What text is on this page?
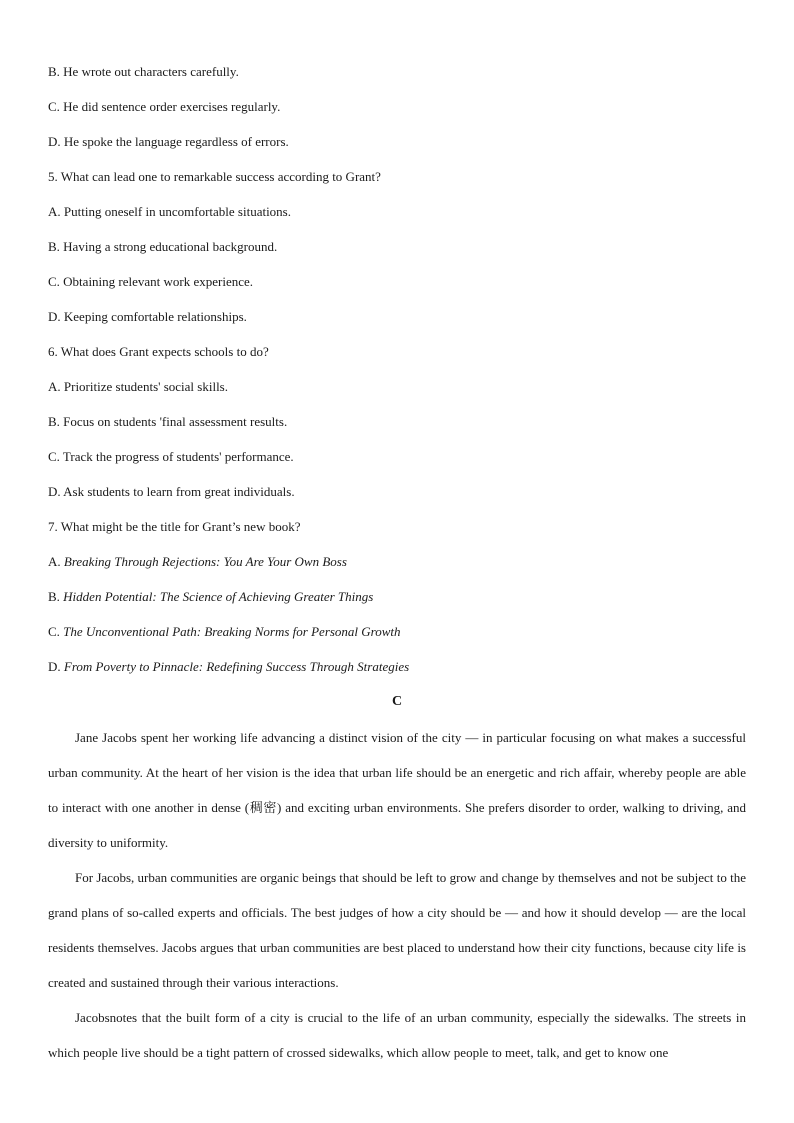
B. He wrote out characters carefully.
C. He did sentence order exercises regularly.
D. He spoke the language regardless of errors.
5. What can lead one to remarkable success according to Grant?
A. Putting oneself in uncomfortable situations.
B. Having a strong educational background.
C. Obtaining relevant work experience.
D. Keeping comfortable relationships.
6. What does Grant expects schools to do?
A. Prioritize students' social skills.
B. Focus on students 'final assessment results.
C. Track the progress of students' performance.
D. Ask students to learn from great individuals.
7. What might be the title for Grant’s new book?
A. Breaking Through Rejections: You Are Your Own Boss
B. Hidden Potential: The Science of Achieving Greater Things
C. The Unconventional Path: Breaking Norms for Personal Growth
D. From Poverty to Pinnacle: Redefining Success Through Strategies
C

Jane Jacobs spent her working life advancing a distinct vision of the city — in particular focusing on what makes a successful urban community. At the heart of her vision is the idea that urban life should be an energetic and rich affair, whereby people are able to interact with one another in dense (稠密) and exciting urban environments. She prefers disorder to order, walking to driving, and diversity to uniformity.

For Jacobs, urban communities are organic beings that should be left to grow and change by themselves and not be subject to the grand plans of so-called experts and officials. The best judges of how a city should be — and how it should develop — are the local residents themselves. Jacobs argues that urban communities are best placed to understand how their city functions, because city life is created and sustained through their various interactions.

Jacobsnotes that the built form of a city is crucial to the life of an urban community, especially the sidewalks. The streets in which people live should be a tight pattern of crossed sidewalks, which allow people to meet, talk, and get to know one
